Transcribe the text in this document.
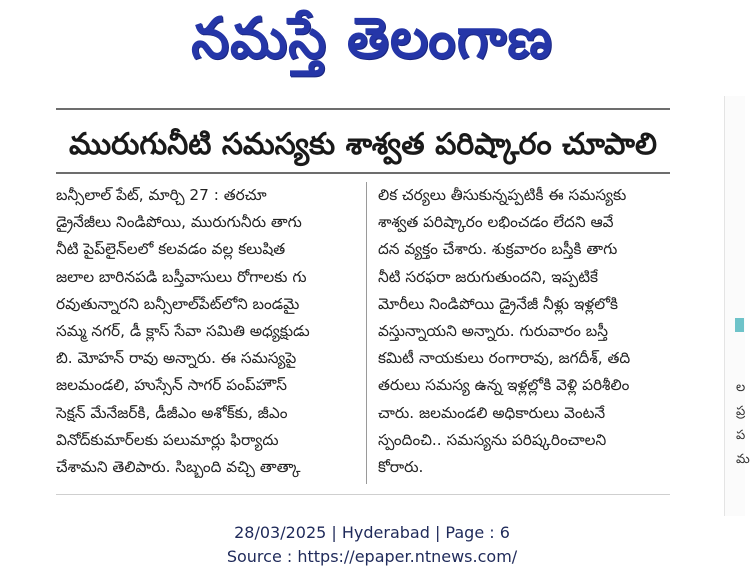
నమస్తే తెలంగాణ
మురుగునీటి సమస్యకు శాశ్వత పరిష్కారం చూపాలి
బన్సీలాల్ పేట్, మార్చి 27 : తరచూ
డ్రైనేజీలు నిండిపోయి, మురుగునీరు తాగు
నీటి పైప్‌లైన్‌లలో కలవడం వల్ల కలుషిత
జలాల బారినపడి బస్తీవాసులు రోగాలకు గు
రవుతున్నారని బన్సీలాల్‌పేట్‌లోని బండమై
సమ్మ నగర్, డీ క్లాస్ సేవా సమితి అధ్యక్షుడు
బి. మోహన్ రావు అన్నారు. ఈ సమస్యపై
జలమండలి, హుస్సేన్ సాగర్ పంప్‌హౌస్
సెక్షన్ మేనేజర్‌కి, డీజీఎం అశోక్‌కు, జీఎం
వినోద్‌కుమార్‌లకు పలుమార్లు ఫిర్యాదు
చేశామని తెలిపారు. సిబ్బంది వచ్చి తాత్కా
లిక చర్యలు తీసుకున్నప్పటికీ ఈ సమస్యకు
శాశ్వత పరిష్కారం లభించడం లేదని ఆవే
దన వ్యక్తం చేశారు. శుక్రవారం బస్తీకి తాగు
నీటి సరఫరా జరుగుతుందని, ఇప్పటికే
మోరీలు నిండిపోయి డ్రైనేజీ నీళ్లు ఇళ్లలోకి
వస్తున్నాయని అన్నారు. గురువారం బస్తీ
కమిటీ నాయకులు రంగారావు, జగదీశ్, తది
తరులు సమస్య ఉన్న ఇళ్లల్లోకి వెళ్లి పరిశీలిం
చారు. జలమండలి అధికారులు వెంటనే
స్పందించి.. సమస్యను పరిష్కరించాలని
కోరారు.
ల
ప్ర
ప
మ
28/03/2025 | Hyderabad | Page : 6
Source : https://epaper.ntnews.com/
